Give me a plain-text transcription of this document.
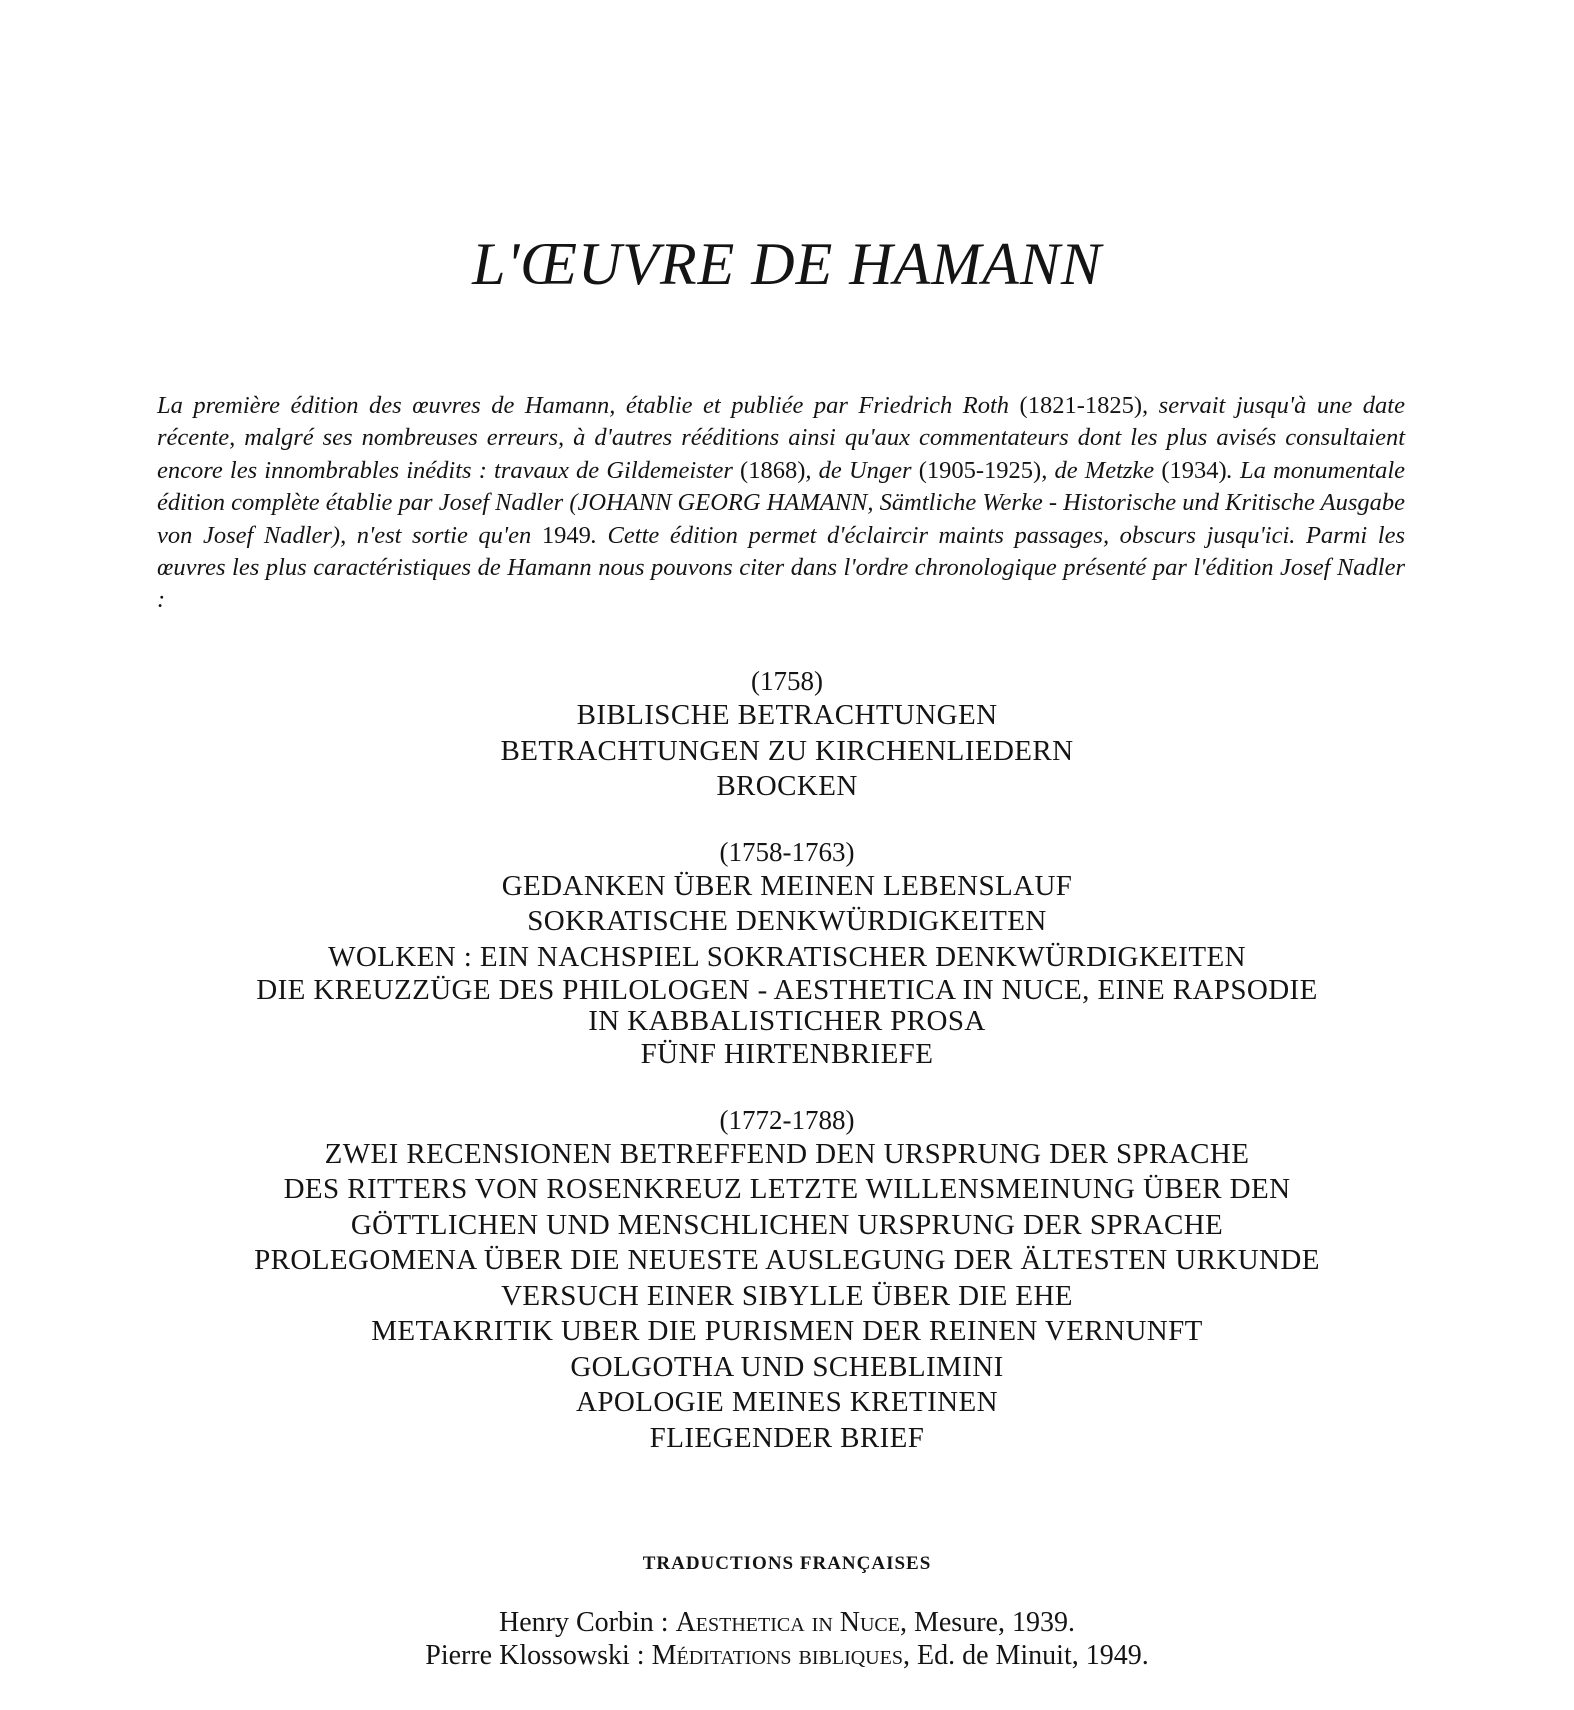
L'ŒUVRE DE HAMANN

La première édition des œuvres de Hamann, établie et publiée par Friedrich Roth (1821-1825), servait jusqu'à une date récente, malgré ses nombreuses erreurs, à d'autres rééditions ainsi qu'aux commentateurs dont les plus avisés consultaient encore les innombrables inédits : travaux de Gildemeister (1868), de Unger (1905-1925), de Metzke (1934). La monumentale édition complète établie par Josef Nadler (JOHANN GEORG HAMANN, Sämtliche Werke - Historische und Kritische Ausgabe von Josef Nadler), n'est sortie qu'en 1949. Cette édition permet d'éclaircir maints passages, obscurs jusqu'ici. Parmi les œuvres les plus caractéristiques de Hamann nous pouvons citer dans l'ordre chronologique présenté par l'édition Josef Nadler :

(1758)
BIBLISCHE BETRACHTUNGEN
BETRACHTUNGEN ZU KIRCHENLIEDERN
BROCKEN
(1758-1763)
GEDANKEN ÜBER MEINEN LEBENSLAUF
SOKRATISCHE DENKWÜRDIGKEITEN
WOLKEN : EIN NACHSPIEL SOKRATISCHER DENKWÜRDIGKEITEN
DIE KREUZZÜGE DES PHILOLOGEN - AESTHETICA IN NUCE, EINE RAPSODIE
IN KABBALISTICHER PROSA
FÜNF HIRTENBRIEFE
(1772-1788)
ZWEI RECENSIONEN BETREFFEND DEN URSPRUNG DER SPRACHE
DES RITTERS VON ROSENKREUZ LETZTE WILLENSMEINUNG ÜBER DEN
GÖTTLICHEN UND MENSCHLICHEN URSPRUNG DER SPRACHE
PROLEGOMENA ÜBER DIE NEUESTE AUSLEGUNG DER ÄLTESTEN URKUNDE
VERSUCH EINER SIBYLLE ÜBER DIE EHE
METAKRITIK UBER DIE PURISMEN DER REINEN VERNUNFT
GOLGOTHA UND SCHEBLIMINI
APOLOGIE MEINES KRETINEN
FLIEGENDER BRIEF
TRADUCTIONS FRANÇAISES
Henry Corbin : Aesthetica in Nuce, Mesure, 1939.
Pierre Klossowski : Méditations bibliques, Ed. de Minuit, 1949.
